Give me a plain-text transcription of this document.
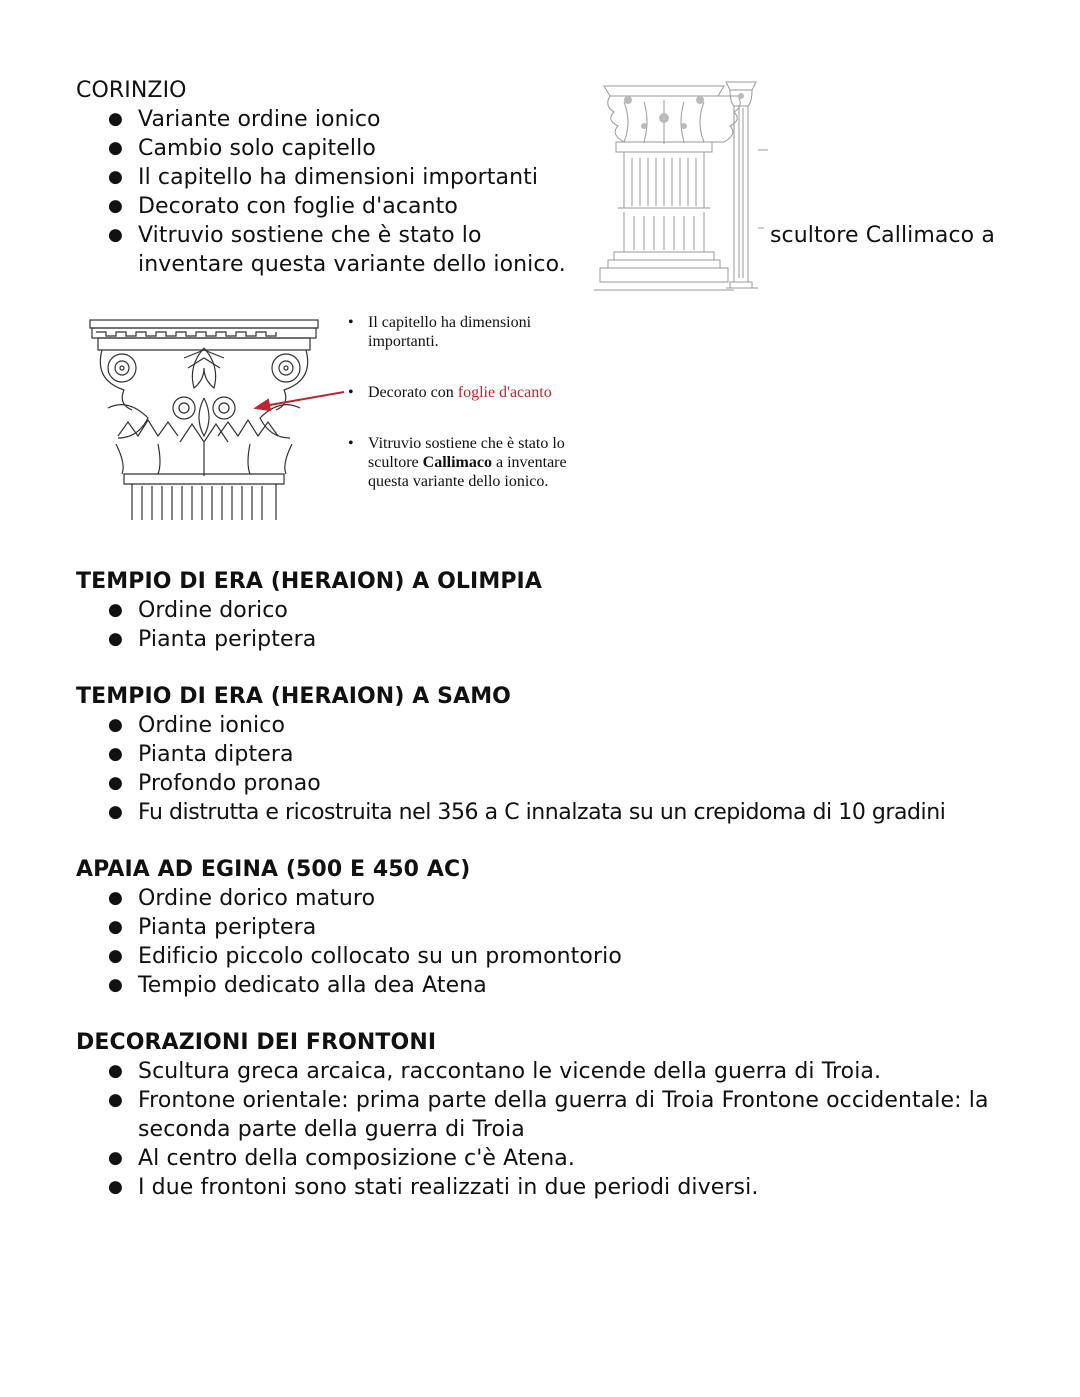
CORINZIO
● Variante ordine ionico
● Cambio solo capitello
● Il capitello ha dimensioni importanti
● Decorato con foglie d'acanto
● Vitruvio sostiene che è stato lo
inventare questa variante dello ionico.
scultore Callimaco a
• Il capitello ha dimensioni importanti.
• Decorato con foglie d'acanto
• Vitruvio sostiene che è stato lo scultore Callimaco a inventare questa variante dello ionico.
TEMPIO DI ERA (HERAION) A OLIMPIA
● Ordine dorico
● Pianta periptera
TEMPIO DI ERA (HERAION) A SAMO
● Ordine ionico
● Pianta diptera
● Profondo pronao
● Fu distrutta e ricostruita nel 356 a C innalzata su un crepidoma di 10 gradini
APAIA AD EGINA (500 E 450 AC)
● Ordine dorico maturo
● Pianta periptera
● Edificio piccolo collocato su un promontorio
● Tempio dedicato alla dea Atena
DECORAZIONI DEI FRONTONI
● Scultura greca arcaica, raccontano le vicende della guerra di Troia.
● Frontone orientale: prima parte della guerra di Troia Frontone occidentale: la seconda parte della guerra di Troia
● Al centro della composizione c'è Atena.
● I due frontoni sono stati realizzati in due periodi diversi.
